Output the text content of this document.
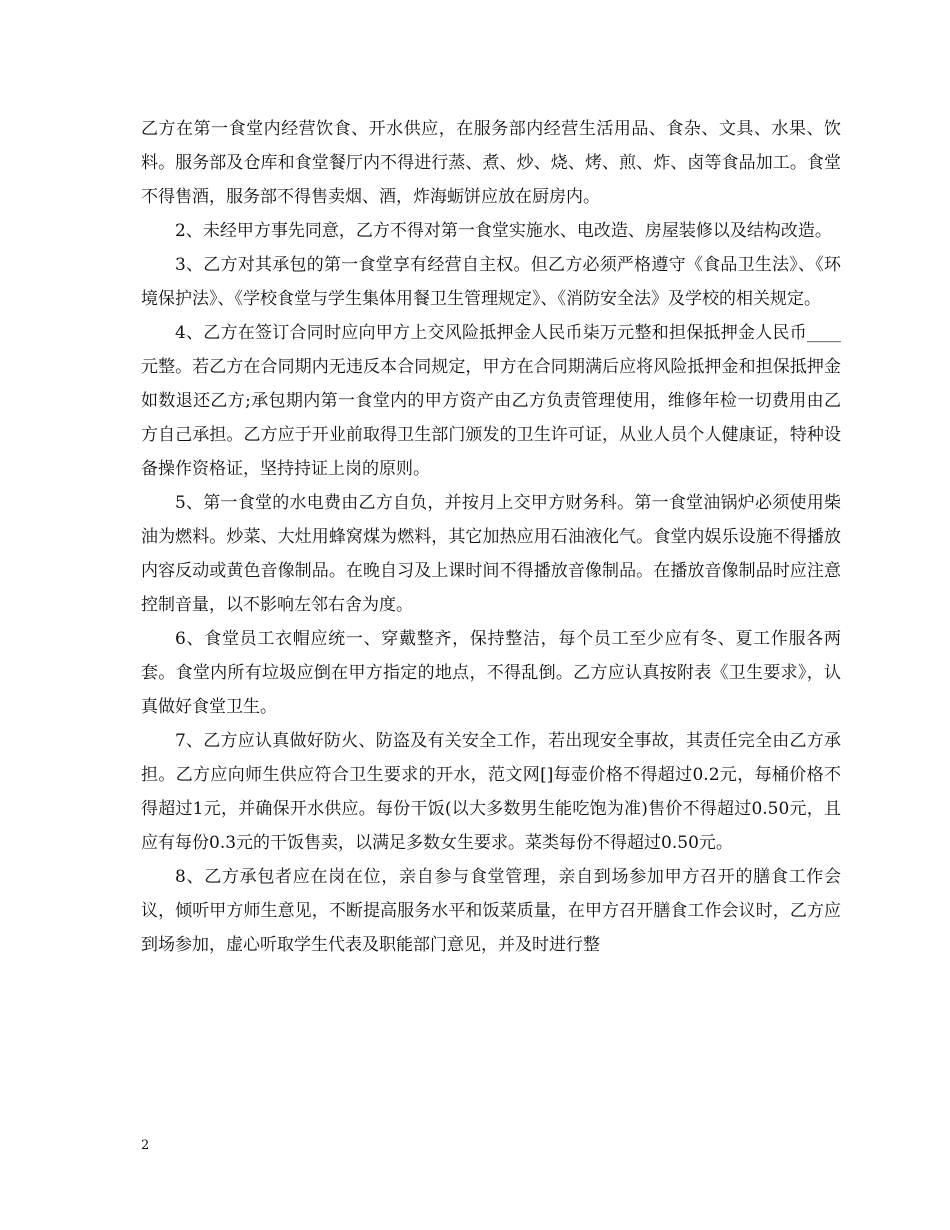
乙方在第一食堂内经营饮食、开水供应，在服务部内经营生活用品、食杂、文具、水果、饮料。服务部及仓库和食堂餐厅内不得进行蒸、煮、炒、烧、烤、煎、炸、卤等食品加工。食堂不得售酒，服务部不得售卖烟、酒，炸海蛎饼应放在厨房内。

2、未经甲方事先同意，乙方不得对第一食堂实施水、电改造、房屋装修以及结构改造。

3、乙方对其承包的第一食堂享有经营自主权。但乙方必须严格遵守《食品卫生法》、《环境保护法》、《学校食堂与学生集体用餐卫生管理规定》、《消防安全法》及学校的相关规定。

4、乙方在签订合同时应向甲方上交风险抵押金人民币柒万元整和担保抵押金人民币____元整。若乙方在合同期内无违反本合同规定，甲方在合同期满后应将风险抵押金和担保抵押金如数退还乙方;承包期内第一食堂内的甲方资产由乙方负责管理使用，维修年检一切费用由乙方自己承担。乙方应于开业前取得卫生部门颁发的卫生许可证，从业人员个人健康证，特种设备操作资格证，坚持持证上岗的原则。

5、第一食堂的水电费由乙方自负，并按月上交甲方财务科。第一食堂油锅炉必须使用柴油为燃料。炒菜、大灶用蜂窝煤为燃料，其它加热应用石油液化气。食堂内娱乐设施不得播放内容反动或黄色音像制品。在晚自习及上课时间不得播放音像制品。在播放音像制品时应注意控制音量，以不影响左邻右舍为度。

6、食堂员工衣帽应统一、穿戴整齐，保持整洁，每个员工至少应有冬、夏工作服各两套。食堂内所有垃圾应倒在甲方指定的地点，不得乱倒。乙方应认真按附表《卫生要求》，认真做好食堂卫生。

7、乙方应认真做好防火、防盗及有关安全工作，若出现安全事故，其责任完全由乙方承担。乙方应向师生供应符合卫生要求的开水，范文网[]每壶价格不得超过0.2元，每桶价格不得超过1元，并确保开水供应。每份干饭(以大多数男生能吃饱为准)售价不得超过0.50元，且应有每份0.3元的干饭售卖，以满足多数女生要求。菜类每份不得超过0.50元。

8、乙方承包者应在岗在位，亲自参与食堂管理，亲自到场参加甲方召开的膳食工作会议，倾听甲方师生意见，不断提高服务水平和饭菜质量，在甲方召开膳食工作会议时，乙方应到场参加，虚心听取学生代表及职能部门意见，并及时进行整

2
